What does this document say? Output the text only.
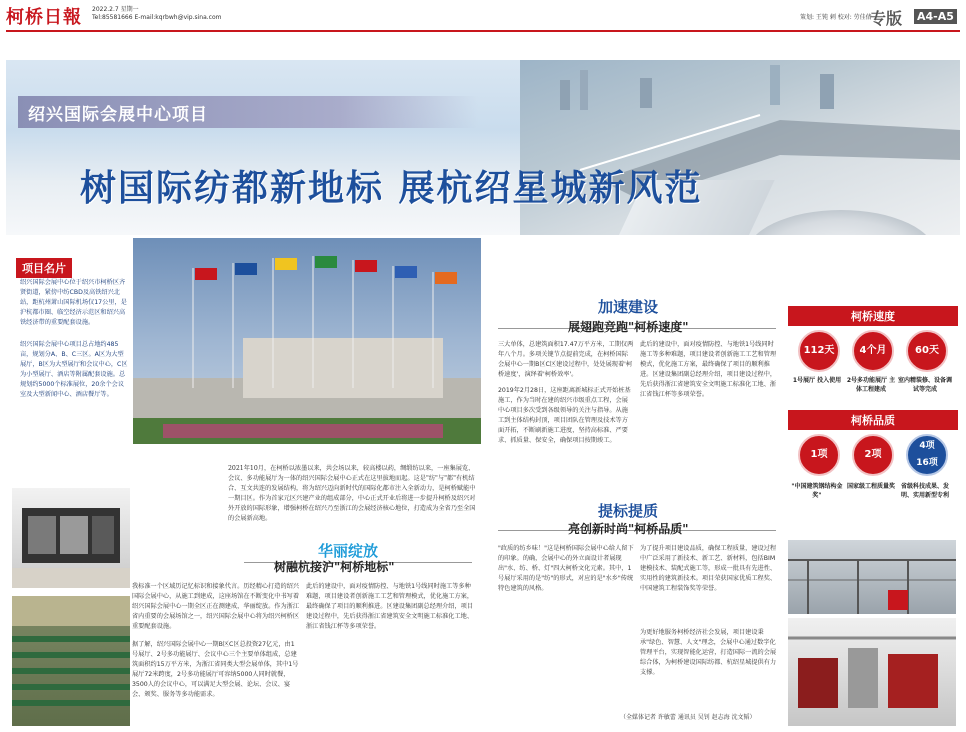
柯桥日報 2022.2.7 星期一
Tel:85581666 E-mail:kqrbwh@vip.sina.com	策划: 王钝 刺 校对: 劳佳倩
专版 A4-A5
绍兴国际会展中心项目
树国际纺都新地标 展杭绍星城新风范
项目名片
绍兴国际会展中心位于绍兴市柯桥区齐贤街道，紧傍中纺CBD及高铁绍兴北站，距杭州萧山国际机场仅17公里，是沪杭都市圈、临空经济示范区和绍兴高铁经济带的重要配套设施。
绍兴国际会展中心项目总占地约485亩，规划分A、B、C三区。A区为大型展厅，B区为大型展厅和会议中心，C区为小型展厅、酒店等附属配套设施。总规划约5000个标准展位，20余个会议室及大型新闻中心、酒店餐厅等。
2021年10月，在柯桥以浓墨以来，共会场以来，较高楼以药，绸缎纺以来，一座集展览、会议、多功能展厅为一体的绍兴国际会展中心正式在这里拔地而起。这是"纺"与"都"有机结合、互文共连的发展结构，将为绍兴迈向新时代的国际化都市注入全新动力，是柯桥赋能中一期目区。作为首家元区兴建产业的组成部分，中心正式开业后将进一步提升柯桥及绍兴对外开放的国际形象，增强柯桥在绍兴乃至浙江的会展经济核心地位，打造成为全省乃至全国的会展新高地。
华丽绽放
树融杭接沪"柯桥地标"
我标准一个区域历记忆标识和接象代言。历经精心打造的绍兴国际会展中心，从施工到建成，这座场馆在不断变化中书写着绍兴国际会展中心一期全区正在测建成，华丽绽放。作为浙江省内重要的会展场馆之一，绍兴国际会展中心将为绍兴柯桥区重要配套设施。
据了解，绍兴国际会展中心一期B区C区总投资27亿元，由1号展厅、2号多功能展厅、会议中心三个主要单体组成，总建筑面积约15万平方米，为浙江省同类大型会展单体，其中1号展厅72米跨度，2号多功能展厅可容纳5000人同时就餐，3500人的会议中心，可以满足大型会展、论坛、会议、宴会、颁奖、服务等多功能需求。
此后的建设中，面对疫情防控、与地铁1号线同时施工等多种难题，项目建设者创新施工工艺和管理模式，优化施工方案，最终确保了项目的顺利推进。区建设集团副总经理介绍，项目建设过程中，先后获得浙江省建筑安全文明施工标准化工地、浙江省钱江杯等多项荣誉。
加速建设
展翅跑竞跑"柯桥速度"
三大单体，总建筑面积17.47万平方米，工期仅两年八个月。多项关键节点提前完成，在柯桥国际会展中心一期B区C区建设过程中，处处展现着'柯桥速度'，演绎着'柯桥效率'。
2019年2月28日，这座距离新城标正式开始桩基施工，作为当时在建的绍兴市级重点工程，会展中心项目多次受到各级领导的关注与指导。从施工到主体结构封顶，项目团队在管理及技术等方面开拓，不断刷新施工进度，坚持高标准、严要求、抓质量、保安全，确保项目按期竣工。
此后的建设中，面对疫情防控、与地铁1号线同时施工等多种难题，项目建设者创新施工工艺和管理模式，优化施工方案，最终确保了项目的顺利推进。区建设集团副总经理介绍，项目建设过程中，先后获得浙江省建筑安全文明施工标准化工地、浙江省钱江杯等多项荣誉。
提标提质
亮创新时尚"柯桥品质"
"政质的纺乡味！"这是柯桥国际会展中心给人留下的印象。的确，会展中心的外立面设计者展现出"水、纺、桥、灯"四大柯桥文化元素。其中，1号展厅采用的是"纺"的形式，对应的是"水乡"传统特色建筑的风格。
为了提升项目建设品质，确保工程质量，建设过程中广泛采用了新技术、新工艺、新材料，包括BIM建模技术、装配式施工等，形成一批具有先进性、实用性的建筑新技术。项目荣获国家优质工程奖、中国建筑工程装饰奖等荣誉。
为更好地服务柯桥经济社会发展，项目建设秉承"绿色、智慧、人文"理念，会展中心通过数字化管理平台，实现智能化运营，打造国际一流的会展综合体，为柯桥建设国际纺都、杭绍星城提供有力支撑。
（全媒体记者 许敏蕾 通讯员 吴钊 赵志海 沈文韬）
柯桥速度
112天	4个月	60天
1号展厅 投入使用 2号多功能展厅 主体工程建成
室内精装修、设备调试等完成
柯桥品质
1项	2项
4项
16项
"中国建筑钢结构金奖"
国家级工程质量奖 省级科技成果、发明、实用新型专利
